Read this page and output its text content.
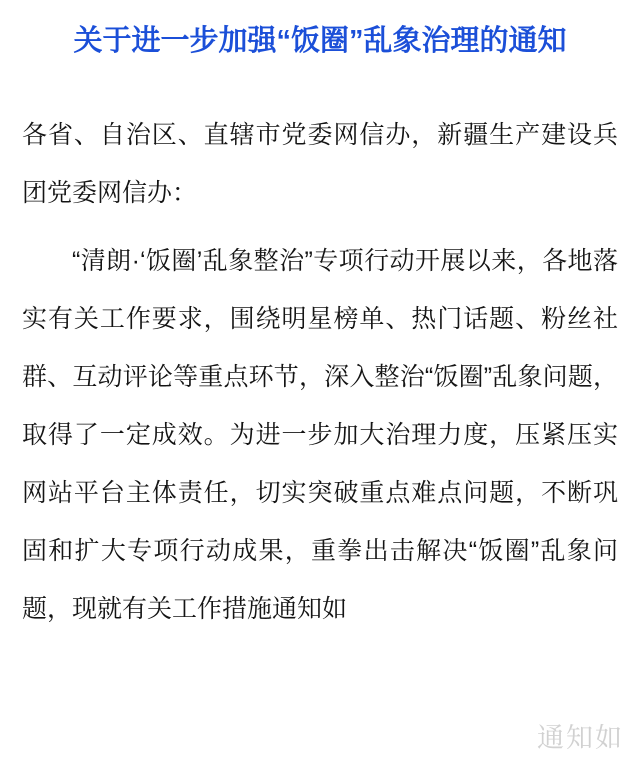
关于进一步加强“饭圈”乱象治理的通知

各省、自治区、直辖市党委网信办，新疆生产建设兵团党委网信办：

“清朗·‘饭圈’乱象整治”专项行动开展以来，各地落实有关工作要求，围绕明星榜单、热门话题、粉丝社群、互动评论等重点环节，深入整治“饭圈”乱象问题，取得了一定成效。为进一步加大治理力度，压紧压实网站平台主体责任，切实突破重点难点问题，不断巩固和扩大专项行动成果，重拳出击解决“饭圈”乱象问题，现就有关工作措施通知如

通知如
